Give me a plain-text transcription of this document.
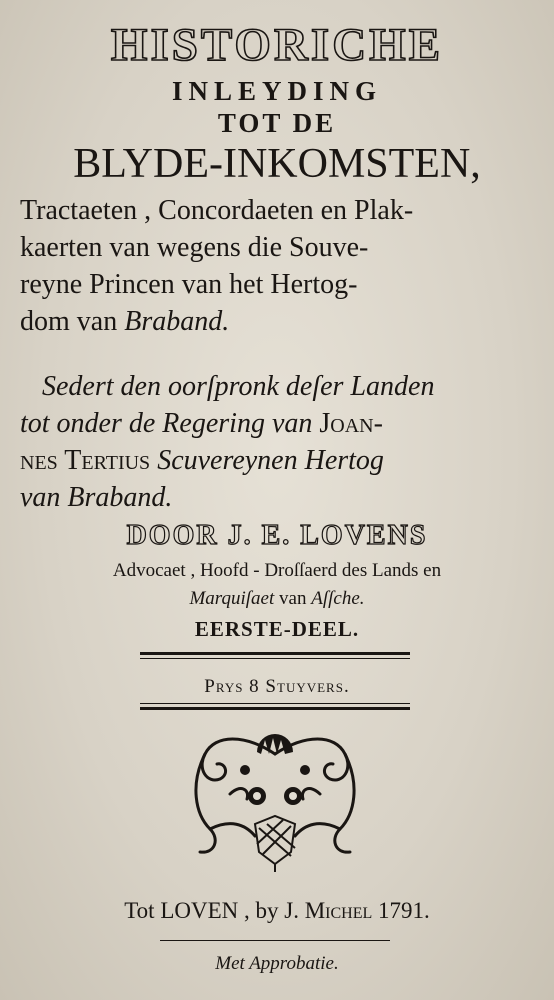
HISTORICHE
INLEYDING
TOT DE
BLYDE-INKOMSTEN,
Tractaeten , Concordaeten en Plak-
kaerten van wegens die Souve-
reyne Princen van het Hertog-
dom van Braband.
Sedert den oorſpronk deſer Landen
tot onder de Regering van Joan-
nes Tertius Scuvereynen Hertog
van Braband.
DOOR J. E. LOVENS
Advocaet , Hoofd - Droſſaerd des Lands en
Marquiſaet van Aſſche.
EERSTE-DEEL.
Prys 8 Stuyvers.
Tot LOVEN , by J. Michel 1791.
Met Approbatie.
